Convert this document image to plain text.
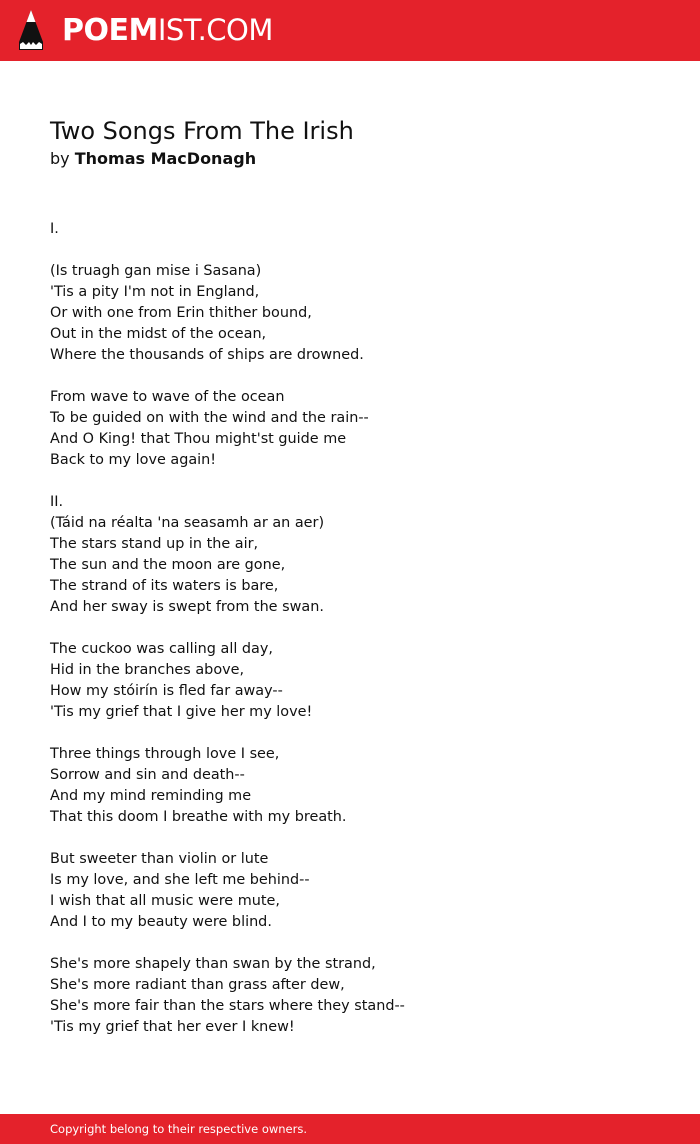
POEMIST.COM
Two Songs From The Irish
by Thomas MacDonagh
I.
(Is truagh gan mise i Sasana)
'Tis a pity I'm not in England,
Or with one from Erin thither bound,
Out in the midst of the ocean,
Where the thousands of ships are drowned.
From wave to wave of the ocean
To be guided on with the wind and the rain--
And O King! that Thou might'st guide me
Back to my love again!
II.
(Táid na réalta 'na seasamh ar an aer)
The stars stand up in the air,
The sun and the moon are gone,
The strand of its waters is bare,
And her sway is swept from the swan.
The cuckoo was calling all day,
Hid in the branches above,
How my stóirín is fled far away--
'Tis my grief that I give her my love!
Three things through love I see,
Sorrow and sin and death--
And my mind reminding me
That this doom I breathe with my breath.
But sweeter than violin or lute
Is my love, and she left me behind--
I wish that all music were mute,
And I to my beauty were blind.
She's more shapely than swan by the strand,
She's more radiant than grass after dew,
She's more fair than the stars where they stand--
'Tis my grief that her ever I knew!
Copyright belong to their respective owners.
